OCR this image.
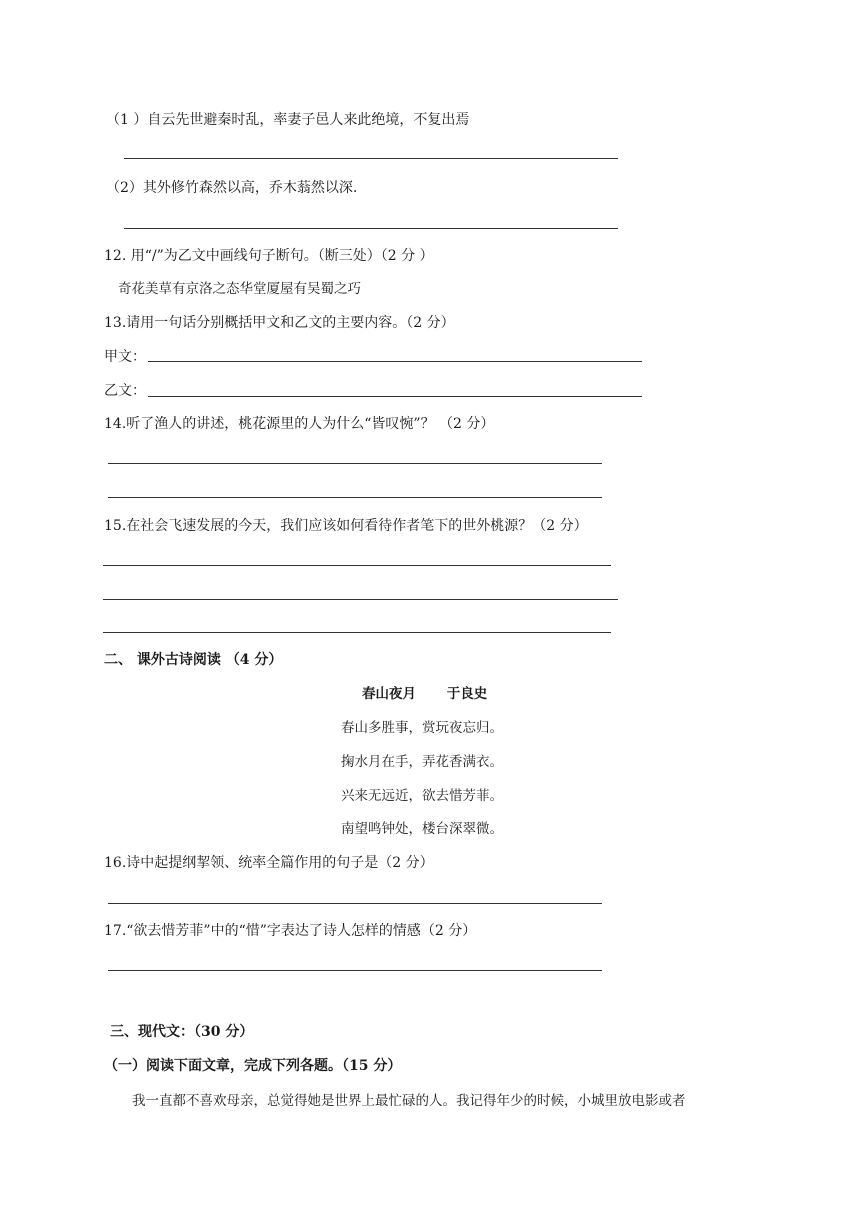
（1 ）自云先世避秦时乱，率妻子邑人来此绝境，不复出焉
（2）其外修竹森然以高，乔木蓊然以深.
12. 用“/”为乙文中画线句子断句。（断三处）（2 分 ）
奇花美草有京洛之态华堂厦屋有吴蜀之巧
13.请用一句话分别概括甲文和乙文的主要内容。（2 分）
甲文：
乙文：
14.听了渔人的讲述，桃花源里的人为什么“皆叹惋”？ （2 分）
15.在社会飞速发展的今天，我们应该如何看待作者笔下的世外桃源？（2 分）
二、 课外古诗阅读 （4 分）
春山夜月 于良史
春山多胜事，赏玩夜忘归。
掬水月在手，弄花香满衣。
兴来无远近，欲去惜芳菲。
南望鸣钟处，楼台深翠微。
16.诗中起提纲挈领、统率全篇作用的句子是（2 分）
17.“欲去惜芳菲”中的“惜”字表达了诗人怎样的情感（2 分）
三、现代文：（30 分）
（一）阅读下面文章，完成下列各题。（15 分）
我一直都不喜欢母亲，总觉得她是世界上最忙碌的人。我记得年少的时候，小城里放电影或者
